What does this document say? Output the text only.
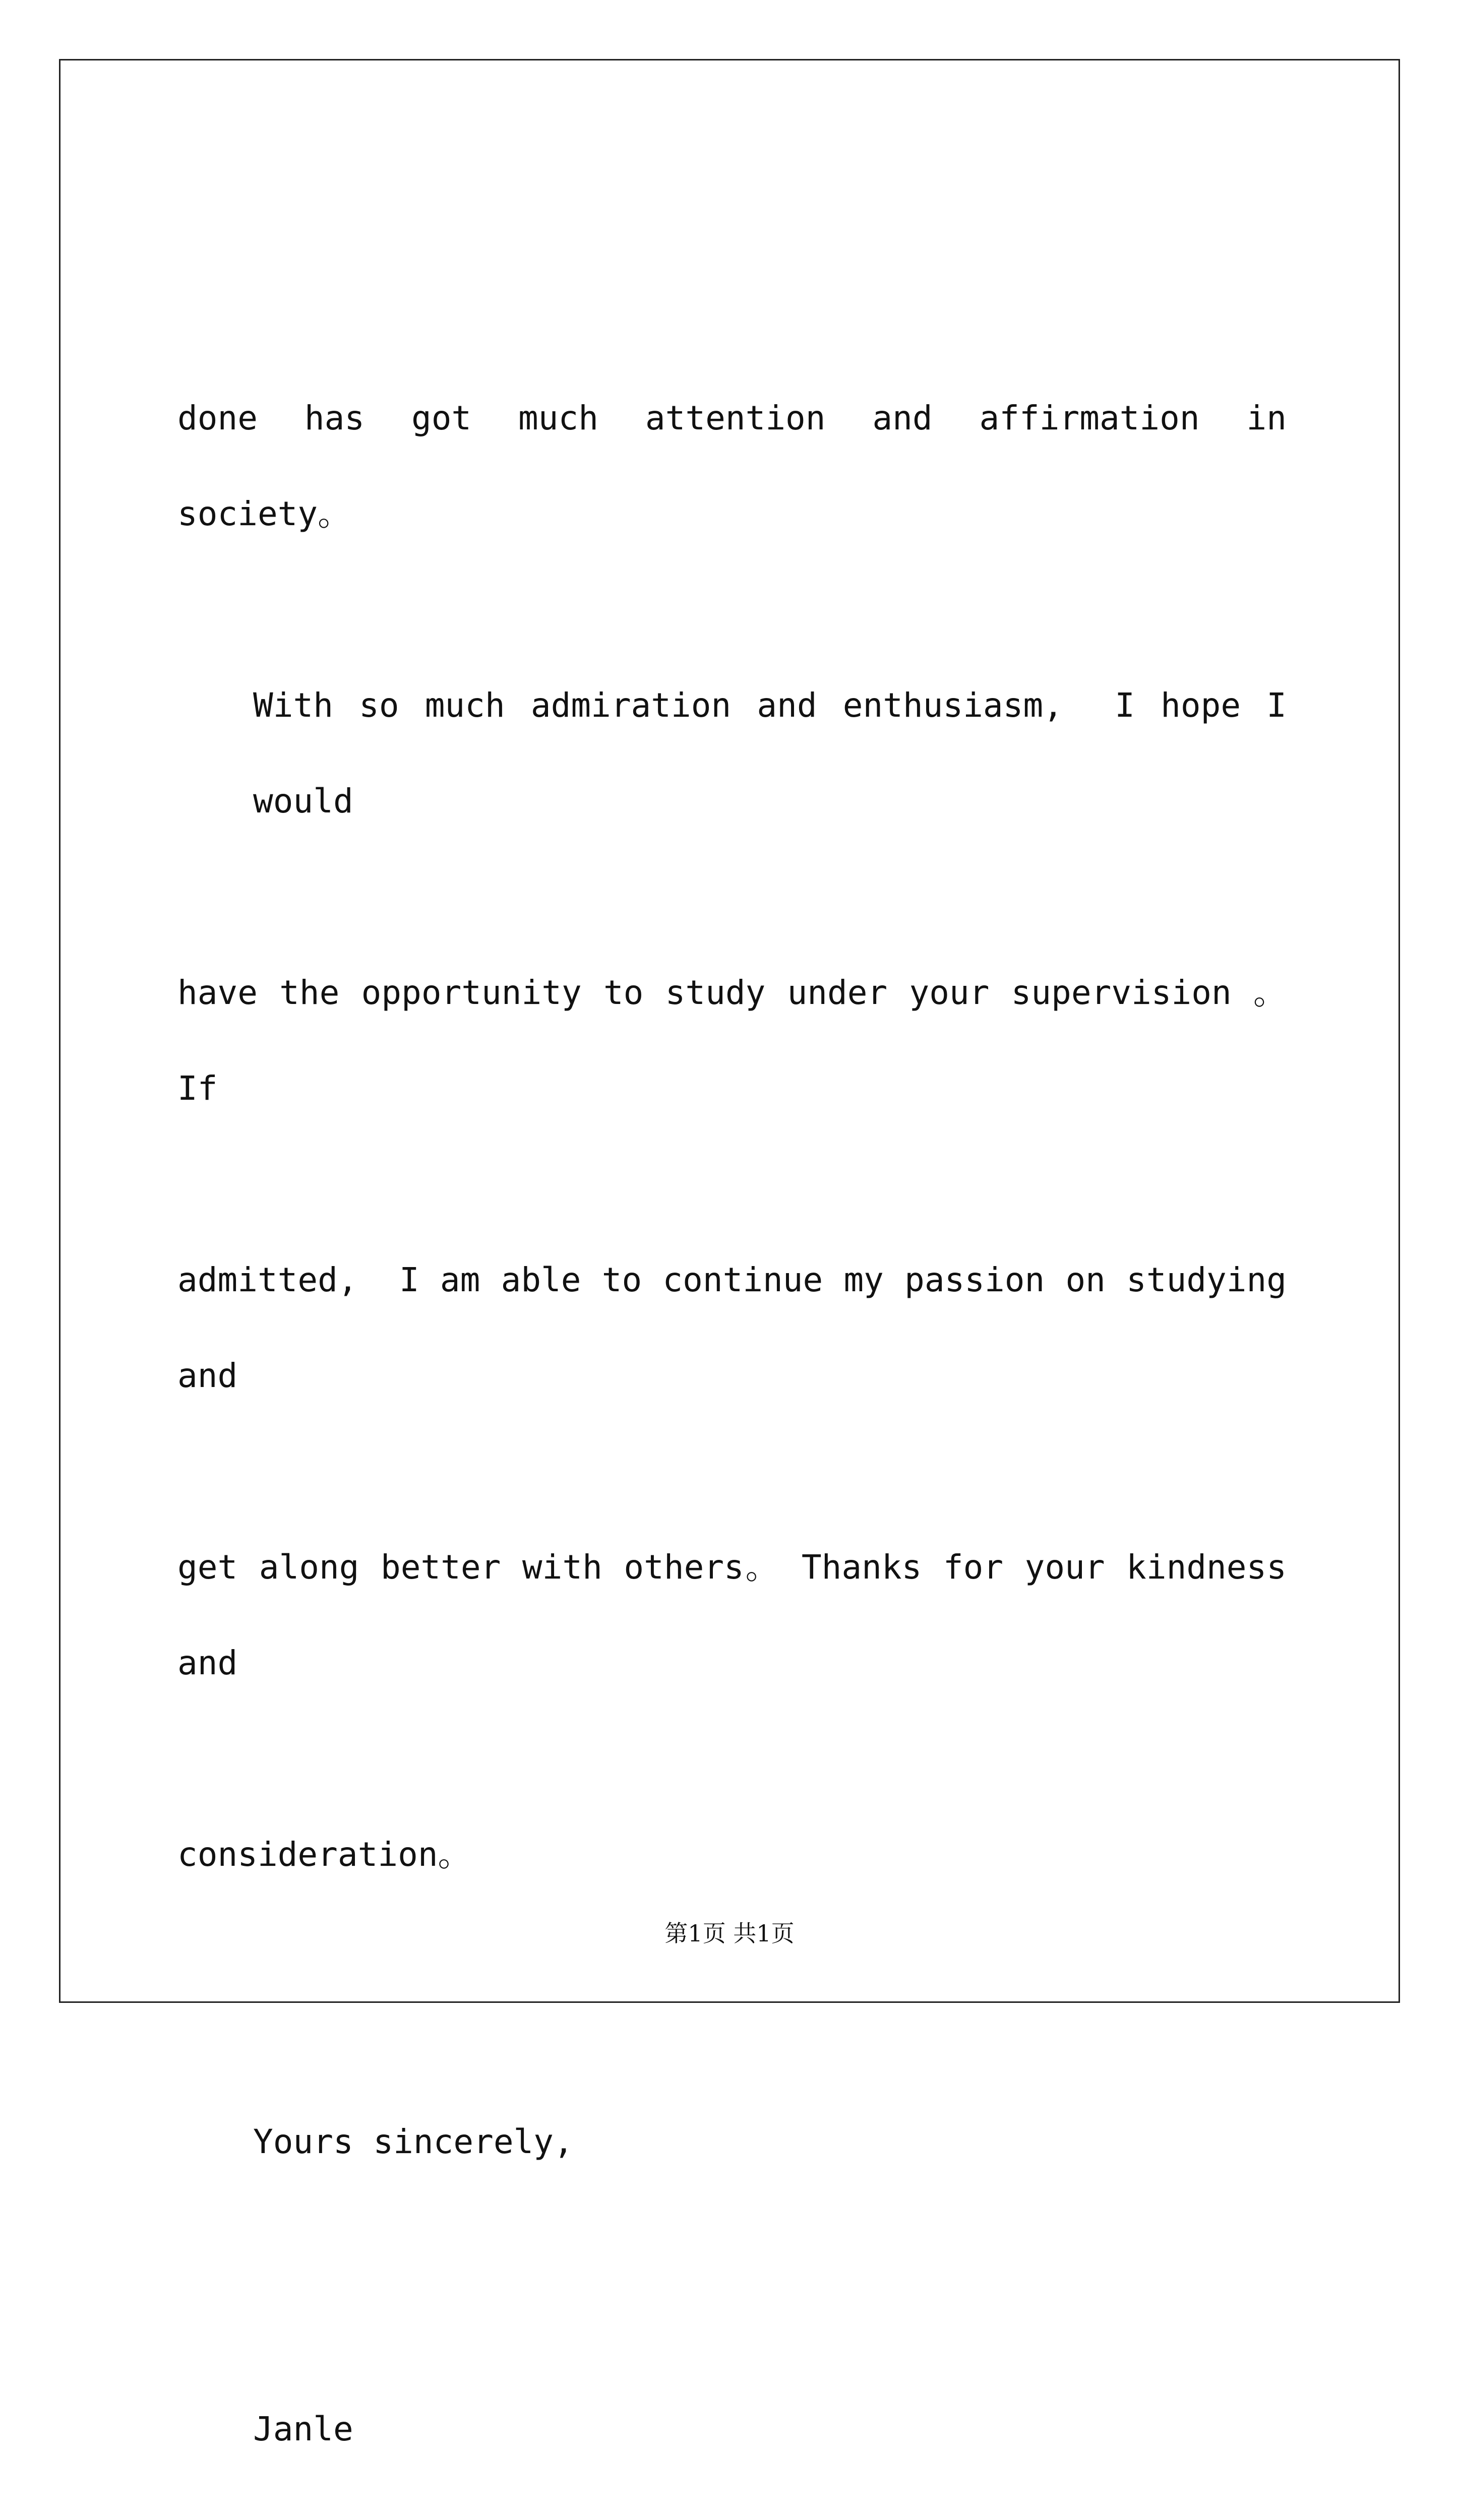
done has got much attention and affirmation in society。

With so much admiration and enthusiasm,  I hope I would

have the opportunity to study under your supervision 。 If

admitted,  I am able to continue my passion on studying and

get along better with others。 Thanks for your kindness and

consideration。

Yours sincerely,

Janle

第1页 共1页
